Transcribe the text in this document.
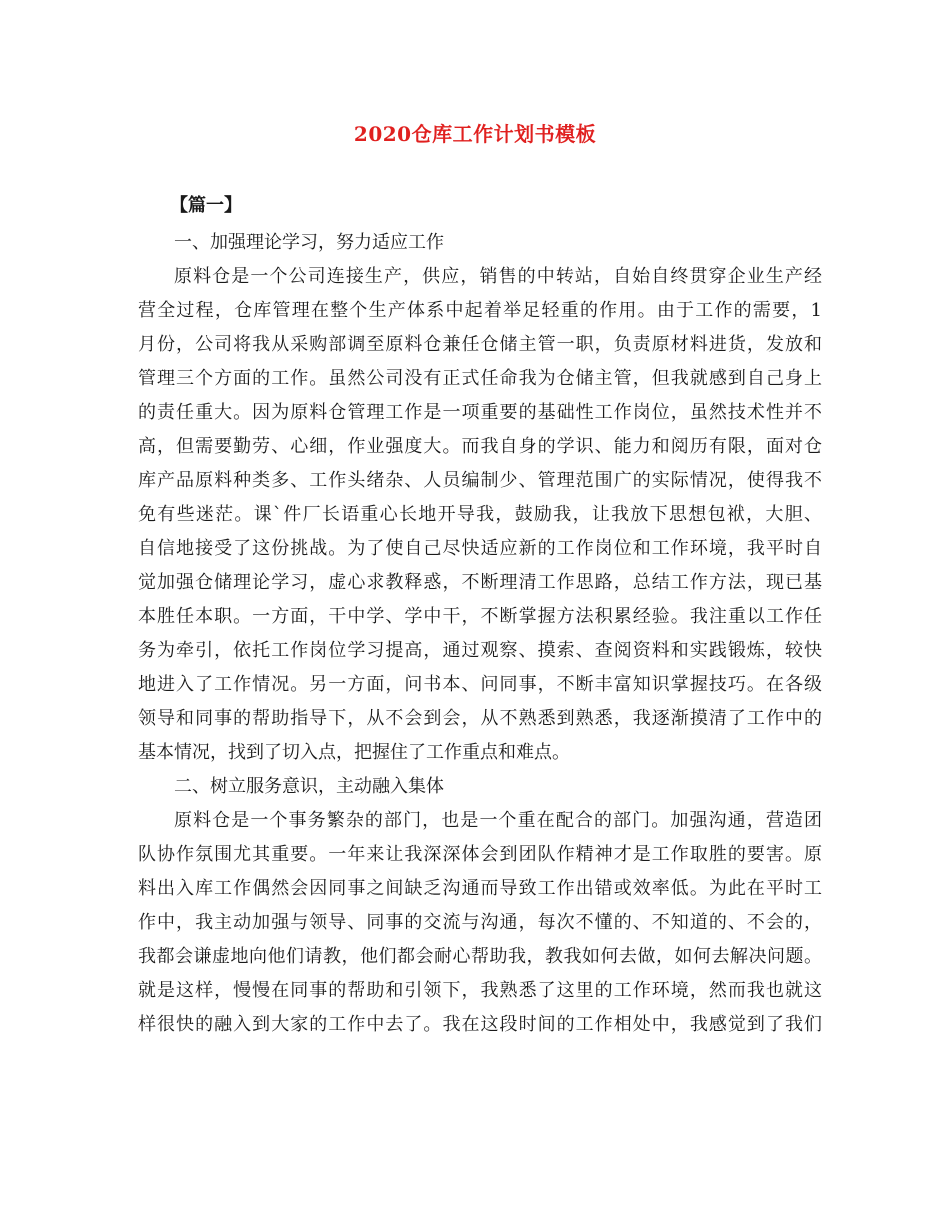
2020仓库工作计划书模板
【篇一】
一、加强理论学习，努力适应工作
原料仓是一个公司连接生产，供应，销售的中转站，自始自终贯穿企业生产经
营全过程，仓库管理在整个生产体系中起着举足轻重的作用。由于工作的需要，1
月份，公司将我从采购部调至原料仓兼任仓储主管一职，负责原材料进货，发放和
管理三个方面的工作。虽然公司没有正式任命我为仓储主管，但我就感到自己身上
的责任重大。因为原料仓管理工作是一项重要的基础性工作岗位，虽然技术性并不
高，但需要勤劳、心细，作业强度大。而我自身的学识、能力和阅历有限，面对仓
库产品原料种类多、工作头绪杂、人员编制少、管理范围广的实际情况，使得我不
免有些迷茫。课`件厂长语重心长地开导我，鼓励我，让我放下思想包袱，大胆、
自信地接受了这份挑战。为了使自己尽快适应新的工作岗位和工作环境，我平时自
觉加强仓储理论学习，虚心求教释惑，不断理清工作思路，总结工作方法，现已基
本胜任本职。一方面，干中学、学中干，不断掌握方法积累经验。我注重以工作任
务为牵引，依托工作岗位学习提高，通过观察、摸索、查阅资料和实践锻炼，较快
地进入了工作情况。另一方面，问书本、问同事，不断丰富知识掌握技巧。在各级
领导和同事的帮助指导下，从不会到会，从不熟悉到熟悉，我逐渐摸清了工作中的
基本情况，找到了切入点，把握住了工作重点和难点。
二、树立服务意识，主动融入集体
原料仓是一个事务繁杂的部门，也是一个重在配合的部门。加强沟通，营造团
队协作氛围尤其重要。一年来让我深深体会到团队作精神才是工作取胜的要害。原
料出入库工作偶然会因同事之间缺乏沟通而导致工作出错或效率低。为此在平时工
作中，我主动加强与领导、同事的交流与沟通，每次不懂的、不知道的、不会的，
我都会谦虚地向他们请教，他们都会耐心帮助我，教我如何去做，如何去解决问题。
就是这样，慢慢在同事的帮助和引领下，我熟悉了这里的工作环境，然而我也就这
样很快的融入到大家的工作中去了。我在这段时间的工作相处中，我感觉到了我们
